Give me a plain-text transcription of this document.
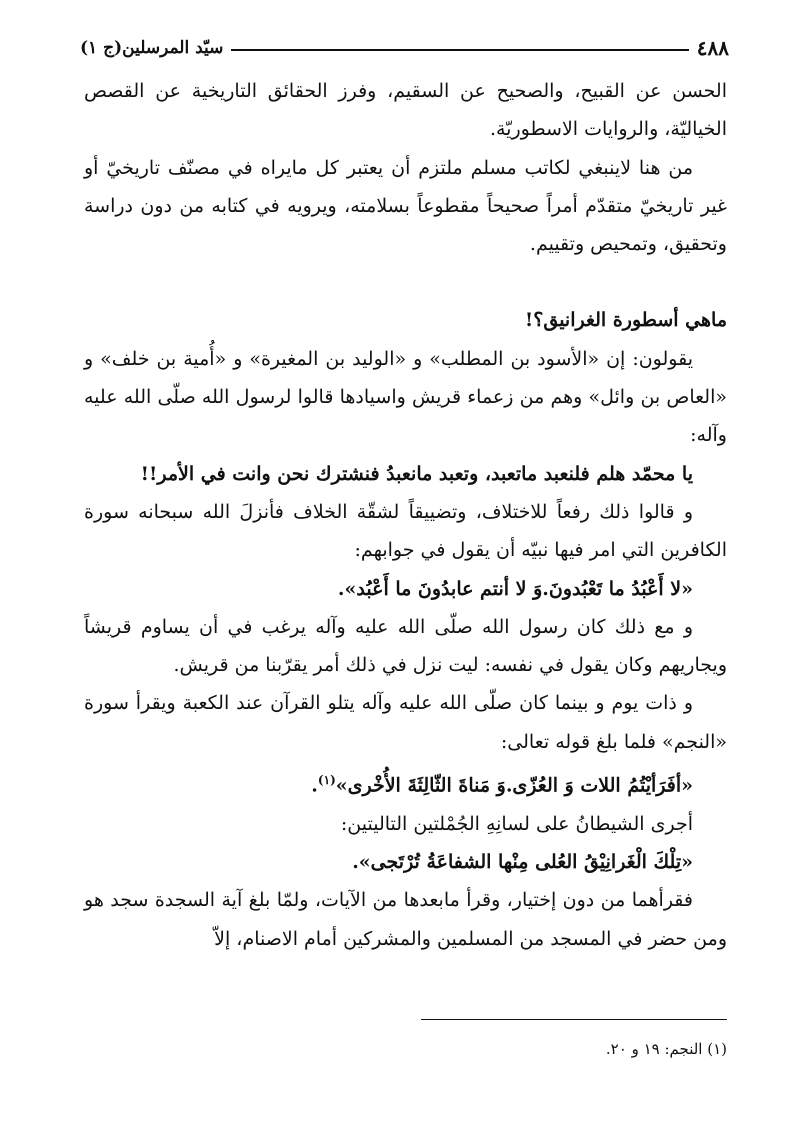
٤٨٨
سيّد المرسلين(ج ١)

الحسن عن القبيح، والصحيح عن السقيم، وفرز الحقائق التاريخية عن القصص الخياليّة، والروايات الاسطوريّة.

من هنا لاينبغي لكاتب مسلم ملتزم أن يعتبر كل مايراه في مصنّف تاريخيّ أو غير تاريخيّ متقدّم أمراً صحيحاً مقطوعاً بسلامته، ويرويه في كتابه من دون دراسة وتحقيق، وتمحيص وتقييم.

ماهي أسطورة الغرانيق؟!

يقولون: إن «الأسود بن المطلب» و «الوليد بن المغيرة» و «أُمية بن خلف» و «العاص بن وائل» وهم من زعماء قريش واسيادها قالوا لرسول الله صلّى الله عليه وآله:

يا محمّد هلم فلنعبد ماتعبد، وتعبد مانعبدُ فنشترك نحن وانت في الأمر!!

و قالوا ذلك رفعاً للاختلاف، وتضييقاً لشقّة الخلاف فأنزلَ الله سبحانه سورة الكافرين التي امر فيها نبيّه أن يقول في جوابهم:

«لا أَعْبُدُ ما تَعْبُدونَ.وَ لا أنتم عابدُونَ ما أَعْبُد».

و مع ذلك كان رسول الله صلّى الله عليه وآله يرغب في أن يساوم قريشاً ويجاريهم وكان يقول في نفسه: ليت نزل في ذلك أمر يقرّبنا من قريش.

و ذات يوم و بينما كان صلّى الله عليه وآله يتلو القرآن عند الكعبة ويقرأ سورة «النجم» فلما بلغ قوله تعالى:

«أفَرَأيْتُمُ اللات وَ العُزّى.وَ مَناةَ الثّالِثَةَ الأُخْرى»$^{(١)}$.

أجرى الشيطانُ على لسانِهِ الجُمْلتين التاليتين:

«تِلْكَ الْغَرانِيْقُ العُلى مِنْها الشفاعَةُ تُرْتَجى».

فقرأهما من دون إختيار، وقرأ مابعدها من الآيات، ولمّا بلغ آية السجدة سجد هو ومن حضر في المسجد من المسلمين والمشركين أمام الاصنام، إلاّ

(١) النجم: ١٩ و ٢٠.
